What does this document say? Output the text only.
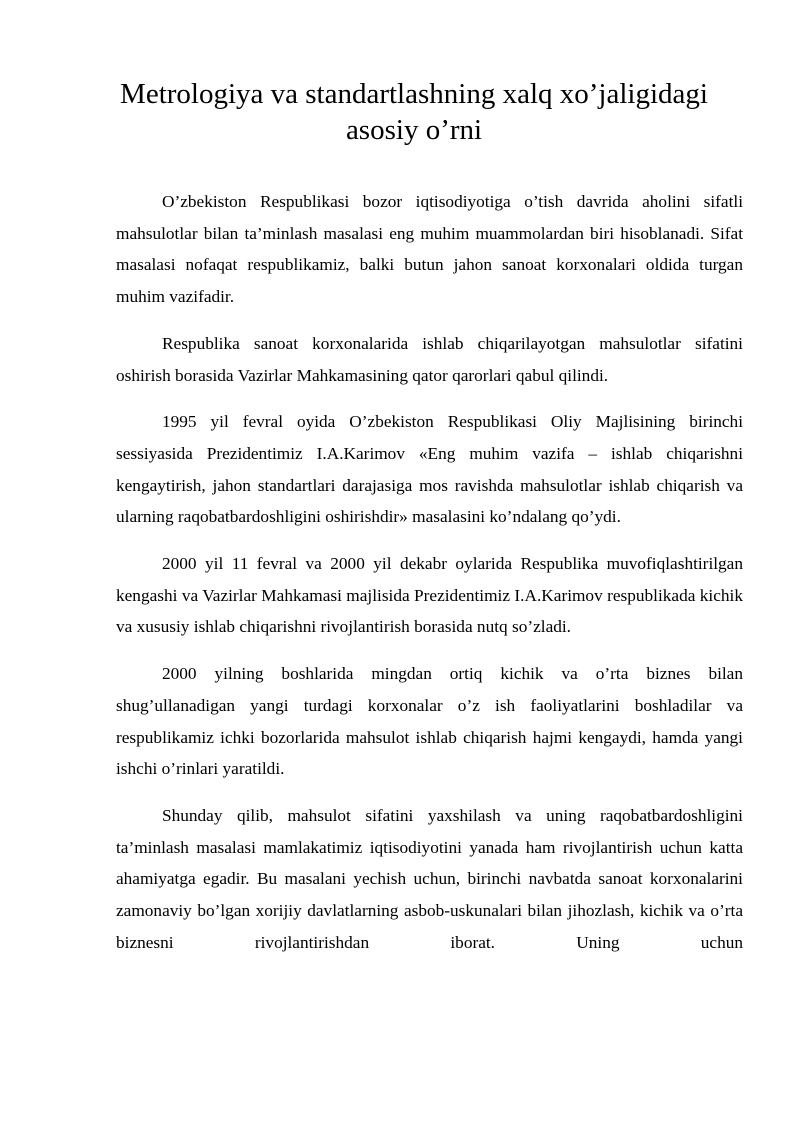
Metrologiya va standartlashning xalq xo’jaligidagi asosiy o’rni

O’zbekiston Respublikasi bozor iqtisodiyotiga o’tish davrida aholini sifatli mahsulotlar bilan ta’minlash masalasi eng muhim muammolardan biri hisoblanadi. Sifat masalasi nofaqat respublikamiz, balki butun jahon sanoat korxonalari oldida turgan muhim vazifadir.

Respublika sanoat korxonalarida ishlab chiqarilayotgan mahsulotlar sifatini oshirish borasida Vazirlar Mahkamasining qator qarorlari qabul qilindi.

1995 yil fevral oyida O’zbekiston Respublikasi Oliy Majlisining birinchi sessiyasida Prezidentimiz I.A.Karimov «Eng muhim vazifa – ishlab chiqarishni kengaytirish, jahon standartlari darajasiga mos ravishda mahsulotlar ishlab chiqarish va ularning raqobatbardoshligini oshirishdir» masalasini ko’ndalang qo’ydi.

2000 yil 11 fevral va 2000 yil dekabr oylarida Respublika muvofiqlashtirilgan kengashi va Vazirlar Mahkamasi majlisida Prezidentimiz I.A.Karimov respublikada kichik va xususiy ishlab chiqarishni rivojlantirish borasida nutq so’zladi.

2000 yilning boshlarida mingdan ortiq kichik va o’rta biznes bilan shug’ullanadigan yangi turdagi korxonalar o’z ish faoliyatlarini boshladilar va respublikamiz ichki bozorlarida mahsulot ishlab chiqarish hajmi kengaydi, hamda yangi ishchi o’rinlari yaratildi.

Shunday qilib, mahsulot sifatini yaxshilash va uning raqobatbardoshligini ta’minlash masalasi mamlakatimiz iqtisodiyotini yanada ham rivojlantirish uchun katta ahamiyatga egadir. Bu masalani yechish uchun, birinchi navbatda sanoat korxonalarini zamonaviy bo’lgan xorijiy davlatlarning asbob-uskunalari bilan jihozlash, kichik va o’rta biznesni rivojlantirishdan iborat. Uning uchun
